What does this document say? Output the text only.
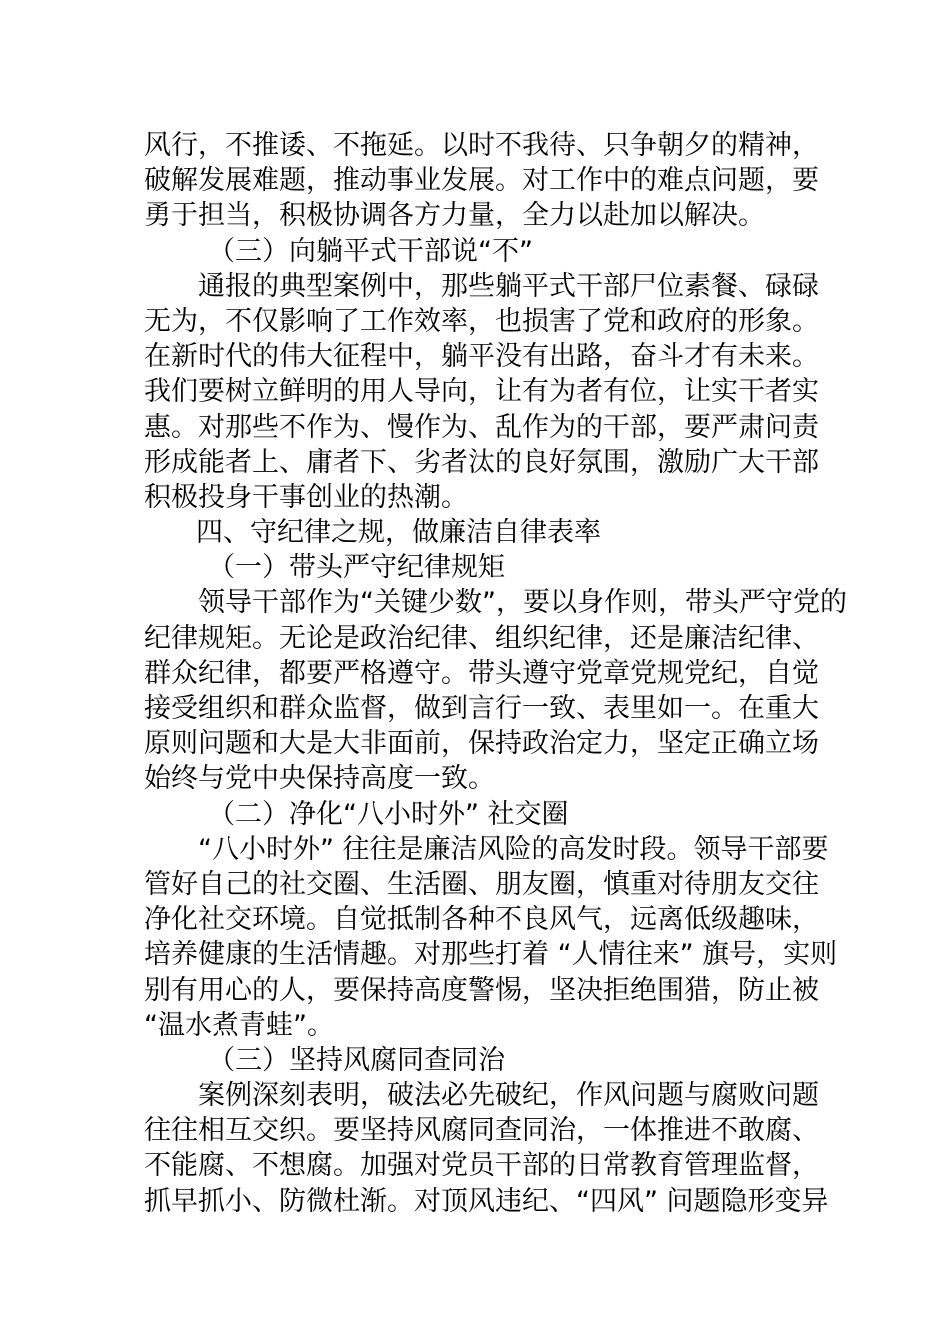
风行，不推诿、不拖延。以时不我待、只争朝夕的精神，
破解发展难题，推动事业发展。对工作中的难点问题，要
勇于担当，积极协调各方力量，全力以赴加以解决。
（三）向躺平式干部说“不”
通报的典型案例中，那些躺平式干部尸位素餐、碌碌
无为，不仅影响了工作效率，也损害了党和政府的形象。
在新时代的伟大征程中，躺平没有出路，奋斗才有未来。
我们要树立鲜明的用人导向，让有为者有位，让实干者实
惠。对那些不作为、慢作为、乱作为的干部，要严肃问责
形成能者上、庸者下、劣者汰的良好氛围，激励广大干部
积极投身干事创业的热潮。
四、守纪律之规，做廉洁自律表率
（一）带头严守纪律规矩
领导干部作为“关键少数”，要以身作则，带头严守党的
纪律规矩。无论是政治纪律、组织纪律，还是廉洁纪律、
群众纪律，都要严格遵守。带头遵守党章党规党纪，自觉
接受组织和群众监督，做到言行一致、表里如一。在重大
原则问题和大是大非面前，保持政治定力，坚定正确立场
始终与党中央保持高度一致。
（二）净化“八小时外” 社交圈
“八小时外” 往往是廉洁风险的高发时段。领导干部要
管好自己的社交圈、生活圈、朋友圈，慎重对待朋友交往
净化社交环境。自觉抵制各种不良风气，远离低级趣味，
培养健康的生活情趣。对那些打着 “人情往来” 旗号，实则
别有用心的人，要保持高度警惕，坚决拒绝围猎，防止被
“温水煮青蛙”。
（三）坚持风腐同查同治
案例深刻表明，破法必先破纪，作风问题与腐败问题
往往相互交织。要坚持风腐同查同治，一体推进不敢腐、
不能腐、不想腐。加强对党员干部的日常教育管理监督，
抓早抓小、防微杜渐。对顶风违纪、“四风” 问题隐形变异
